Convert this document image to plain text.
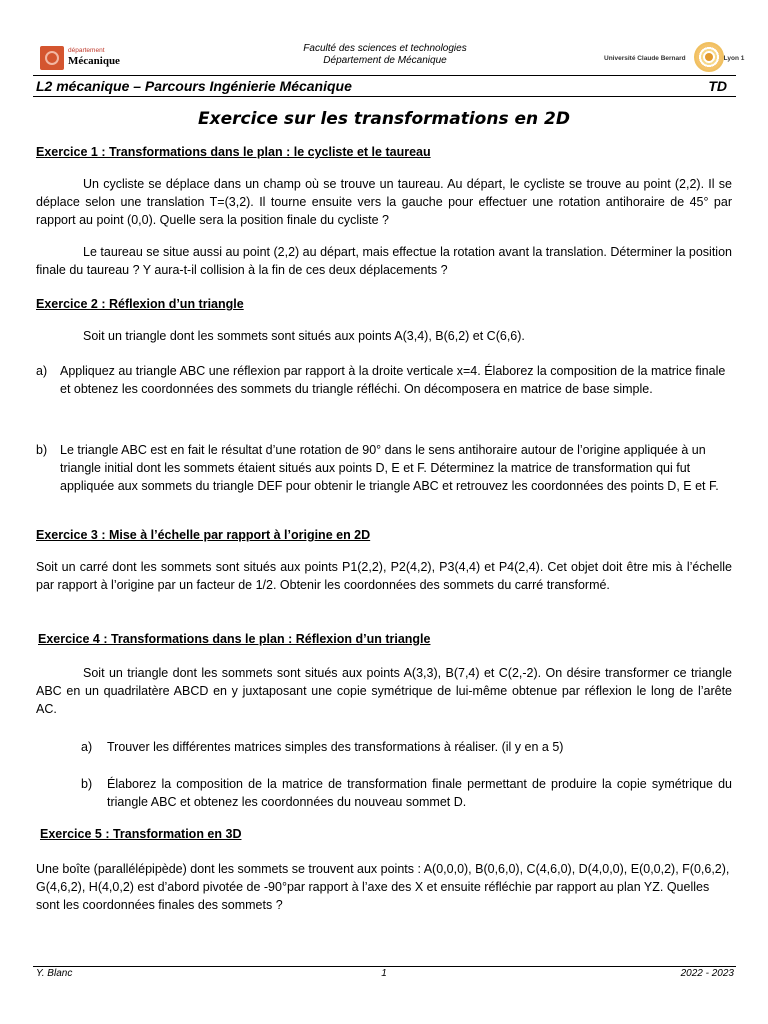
département
Mécanique
Faculté des sciences et technologies
Département de Mécanique	Université Claude Bernard	Lyon 1
L2 mécanique – Parcours Ingénierie Mécanique	TD
Exercice sur les transformations en 2D
Exercice 1 : Transformations dans le plan : le cycliste et le taureau
Un cycliste se déplace dans un champ où se trouve un taureau. Au départ, le cycliste se trouve au point (2,2). Il se déplace selon une translation T=(3,2). Il tourne ensuite vers la gauche pour effectuer une rotation antihoraire de 45° par rapport au point (0,0). Quelle sera la position finale du cycliste ?
Le taureau se situe aussi au point (2,2) au départ, mais effectue la rotation avant la translation. Déterminer la position finale du taureau ? Y aura-t-il collision à la fin de ces deux déplacements ?
Exercice 2 : Réflexion d’un triangle
Soit un triangle dont les sommets sont situés aux points A(3,4), B(6,2) et C(6,6).
a) Appliquez au triangle ABC une réflexion par rapport à la droite verticale x=4. Élaborez la composition de la matrice finale et obtenez les coordonnées des sommets du triangle réfléchi. On décomposera en matrice de base simple.
b) Le triangle ABC est en fait le résultat d’une rotation de 90° dans le sens antihoraire autour de l’origine appliquée à un triangle initial dont les sommets étaient situés aux points D, E et F. Déterminez la matrice de transformation qui fut appliquée aux sommets du triangle DEF pour obtenir le triangle ABC et retrouvez les coordonnées des points D, E et F.
Exercice 3 : Mise à l’échelle par rapport à l’origine en 2D
Soit un carré dont les sommets sont situés aux points P1(2,2), P2(4,2), P3(4,4) et P4(2,4). Cet objet doit être mis à l’échelle par rapport à l’origine par un facteur de 1/2. Obtenir les coordonnées des sommets du carré transformé.
Exercice 4 : Transformations dans le plan : Réflexion d’un triangle
Soit un triangle dont les sommets sont situés aux points A(3,3), B(7,4) et C(2,-2). On désire transformer ce triangle ABC en un quadrilatère ABCD en y juxtaposant une copie symétrique de lui-même obtenue par réflexion le long de l’arête AC.
a) Trouver les différentes matrices simples des transformations à réaliser. (il y en a 5)
b) Élaborez la composition de la matrice de transformation finale permettant de produire la copie symétrique du triangle ABC et obtenez les coordonnées du nouveau sommet D.
Exercice 5 : Transformation en 3D
Une boîte (parallélépipède) dont les sommets se trouvent aux points : A(0,0,0), B(0,6,0), C(4,6,0), D(4,0,0), E(0,0,2), F(0,6,2), G(4,6,2), H(4,0,2) est d’abord pivotée de -90°par rapport à l’axe des X et ensuite réfléchie par rapport au plan YZ. Quelles sont les coordonnées finales des sommets ?
Y. Blanc	1	2022 - 2023
